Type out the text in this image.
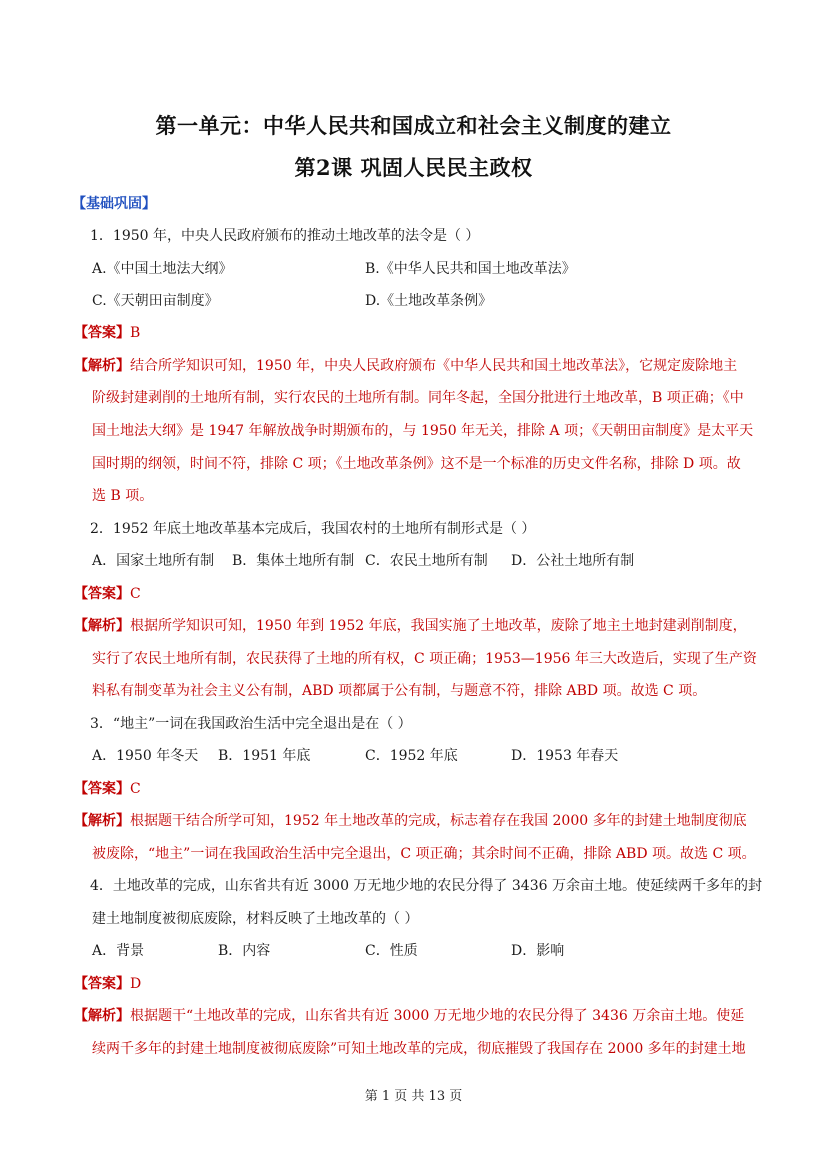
第一单元：中华人民共和国成立和社会主义制度的建立
第2课 巩固人民民主政权
【基础巩固】
1．1950 年，中央人民政府颁布的推动土地改革的法令是（ ）
A.《中国土地法大纲》	B.《中华人民共和国土地改革法》
C.《天朝田亩制度》	D.《土地改革条例》
【答案】B
【解析】结合所学知识可知，1950 年，中央人民政府颁布《中华人民共和国土地改革法》，它规定废除地主
阶级封建剥削的土地所有制，实行农民的土地所有制。同年冬起，全国分批进行土地改革，B 项正确；《中
国土地法大纲》是 1947 年解放战争时期颁布的，与 1950 年无关，排除 A 项；《天朝田亩制度》是太平天
国时期的纲领，时间不符，排除 C 项；《土地改革条例》这不是一个标准的历史文件名称，排除 D 项。故
选 B 项。
2．1952 年底土地改革基本完成后，我国农村的土地所有制形式是（ ）
A．国家土地所有制 B．集体土地所有制 C．农民土地所有制 D．公社土地所有制
【答案】C
【解析】根据所学知识可知，1950 年到 1952 年底，我国实施了土地改革，废除了地主土地封建剥削制度，
实行了农民土地所有制，农民获得了土地的所有权，C 项正确；1953—1956 年三大改造后，实现了生产资
料私有制变革为社会主义公有制，ABD 项都属于公有制，与题意不符，排除 ABD 项。故选 C 项。
3．“地主”一词在我国政治生活中完全退出是在（ ）
A．1950 年冬天 B．1951 年底	C．1952 年底	D．1953 年春天
【答案】C
【解析】根据题干结合所学可知，1952 年土地改革的完成，标志着存在我国 2000 多年的封建土地制度彻底
被废除，“地主”一词在我国政治生活中完全退出，C 项正确；其余时间不正确，排除 ABD 项。故选 C 项。
4．土地改革的完成，山东省共有近 3000 万无地少地的农民分得了 3436 万余亩土地。使延续两千多年的封
建土地制度被彻底废除，材料反映了土地改革的（ ）
A．背景	B．内容	C．性质	D．影响
【答案】D
【解析】根据题干“土地改革的完成，山东省共有近 3000 万无地少地的农民分得了 3436 万余亩土地。使延
续两千多年的封建土地制度被彻底废除”可知土地改革的完成，彻底摧毁了我国存在 2000 多年的封建土地
第 1 页 共 13 页
